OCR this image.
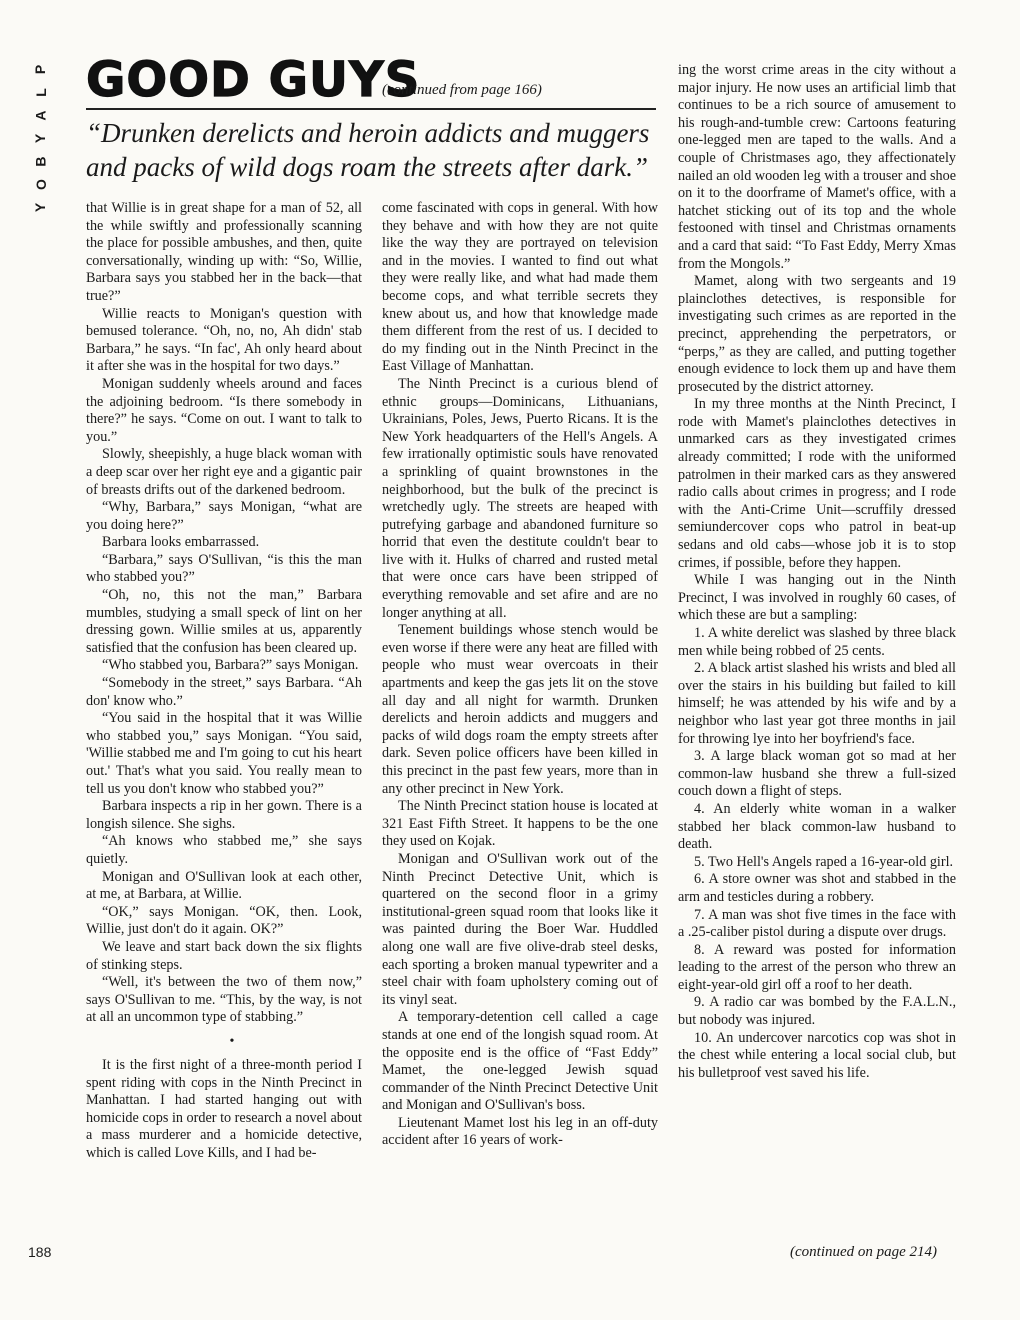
P
L
A
Y
B
O
Y
GOOD GUYS
(continued from page 166)
“Drunken derelicts and heroin addicts and muggers and packs of wild dogs roam the streets after dark.”

that Willie is in great shape for a man of 52, all the while swiftly and professionally scanning the place for possible ambushes, and then, quite conversationally, winding up with: “So, Willie, Barbara says you stabbed her in the back—that true?”

Willie reacts to Monigan's question with bemused tolerance. “Oh, no, no, Ah didn' stab Barbara,” he says. “In fac', Ah only heard about it after she was in the hospital for two days.”

Monigan suddenly wheels around and faces the adjoining bedroom. “Is there somebody in there?” he says. “Come on out. I want to talk to you.”

Slowly, sheepishly, a huge black woman with a deep scar over her right eye and a gigantic pair of breasts drifts out of the darkened bedroom.

“Why, Barbara,” says Monigan, “what are you doing here?”

Barbara looks embarrassed.

“Barbara,” says O'Sullivan, “is this the man who stabbed you?”

“Oh, no, this not the man,” Barbara mumbles, studying a small speck of lint on her dressing gown. Willie smiles at us, apparently satisfied that the confusion has been cleared up.

“Who stabbed you, Barbara?” says Monigan.

“Somebody in the street,” says Barbara. “Ah don' know who.”

“You said in the hospital that it was Willie who stabbed you,” says Monigan. “You said, 'Willie stabbed me and I'm going to cut his heart out.' That's what you said. You really mean to tell us you don't know who stabbed you?”

Barbara inspects a rip in her gown. There is a longish silence. She sighs.

“Ah knows who stabbed me,” she says quietly.

Monigan and O'Sullivan look at each other, at me, at Barbara, at Willie.

“OK,” says Monigan. “OK, then. Look, Willie, just don't do it again. OK?”

We leave and start back down the six flights of stinking steps.

“Well, it's between the two of them now,” says O'Sullivan to me. “This, by the way, is not at all an uncommon type of stabbing.”

•

It is the first night of a three-month period I spent riding with cops in the Ninth Precinct in Manhattan. I had started hanging out with homicide cops in order to research a novel about a mass murderer and a homicide detective, which is called Love Kills, and I had be-

come fascinated with cops in general. With how they behave and with how they are not quite like the way they are portrayed on television and in the movies. I wanted to find out what they were really like, and what had made them become cops, and what terrible secrets they knew about us, and how that knowledge made them different from the rest of us. I decided to do my finding out in the Ninth Precinct in the East Village of Manhattan.

The Ninth Precinct is a curious blend of ethnic groups—Dominicans, Lithuanians, Ukrainians, Poles, Jews, Puerto Ricans. It is the New York headquarters of the Hell's Angels. A few irrationally optimistic souls have renovated a sprinkling of quaint brownstones in the neighborhood, but the bulk of the precinct is wretchedly ugly. The streets are heaped with putrefying garbage and abandoned furniture so horrid that even the destitute couldn't bear to live with it. Hulks of charred and rusted metal that were once cars have been stripped of everything removable and set afire and are no longer anything at all.

Tenement buildings whose stench would be even worse if there were any heat are filled with people who must wear overcoats in their apartments and keep the gas jets lit on the stove all day and all night for warmth. Drunken derelicts and heroin addicts and muggers and packs of wild dogs roam the empty streets after dark. Seven police officers have been killed in this precinct in the past few years, more than in any other precinct in New York.

The Ninth Precinct station house is located at 321 East Fifth Street. It happens to be the one they used on Kojak.

Monigan and O'Sullivan work out of the Ninth Precinct Detective Unit, which is quartered on the second floor in a grimy institutional-green squad room that looks like it was painted during the Boer War. Huddled along one wall are five olive-drab steel desks, each sporting a broken manual typewriter and a steel chair with foam upholstery coming out of its vinyl seat.

A temporary-detention cell called a cage stands at one end of the longish squad room. At the opposite end is the office of “Fast Eddy” Mamet, the one-legged Jewish squad commander of the Ninth Precinct Detective Unit and Monigan and O'Sullivan's boss.

Lieutenant Mamet lost his leg in an off-duty accident after 16 years of work-

ing the worst crime areas in the city without a major injury. He now uses an artificial limb that continues to be a rich source of amusement to his rough-and-tumble crew: Cartoons featuring one-legged men are taped to the walls. And a couple of Christmases ago, they affectionately nailed an old wooden leg with a trouser and shoe on it to the doorframe of Mamet's office, with a hatchet sticking out of its top and the whole festooned with tinsel and Christmas ornaments and a card that said: “To Fast Eddy, Merry Xmas from the Mongols.”

Mamet, along with two sergeants and 19 plainclothes detectives, is responsible for investigating such crimes as are reported in the precinct, apprehending the perpetrators, or “perps,” as they are called, and putting together enough evidence to lock them up and have them prosecuted by the district attorney.

In my three months at the Ninth Precinct, I rode with Mamet's plainclothes detectives in unmarked cars as they investigated crimes already committed; I rode with the uniformed patrolmen in their marked cars as they answered radio calls about crimes in progress; and I rode with the Anti-Crime Unit—scruffily dressed semiundercover cops who patrol in beat-up sedans and old cabs—whose job it is to stop crimes, if possible, before they happen.

While I was hanging out in the Ninth Precinct, I was involved in roughly 60 cases, of which these are but a sampling:

1. A white derelict was slashed by three black men while being robbed of 25 cents.

2. A black artist slashed his wrists and bled all over the stairs in his building but failed to kill himself; he was attended by his wife and by a neighbor who last year got three months in jail for throwing lye into her boyfriend's face.

3. A large black woman got so mad at her common-law husband she threw a full-sized couch down a flight of steps.

4. An elderly white woman in a walker stabbed her black common-law husband to death.

5. Two Hell's Angels raped a 16-year-old girl.

6. A store owner was shot and stabbed in the arm and testicles during a robbery.

7. A man was shot five times in the face with a .25-caliber pistol during a dispute over drugs.

8. A reward was posted for information leading to the arrest of the person who threw an eight-year-old girl off a roof to her death.

9. A radio car was bombed by the F.A.L.N., but nobody was injured.

10. An undercover narcotics cop was shot in the chest while entering a local social club, but his bulletproof vest saved his life.

188	(continued on page 214)
